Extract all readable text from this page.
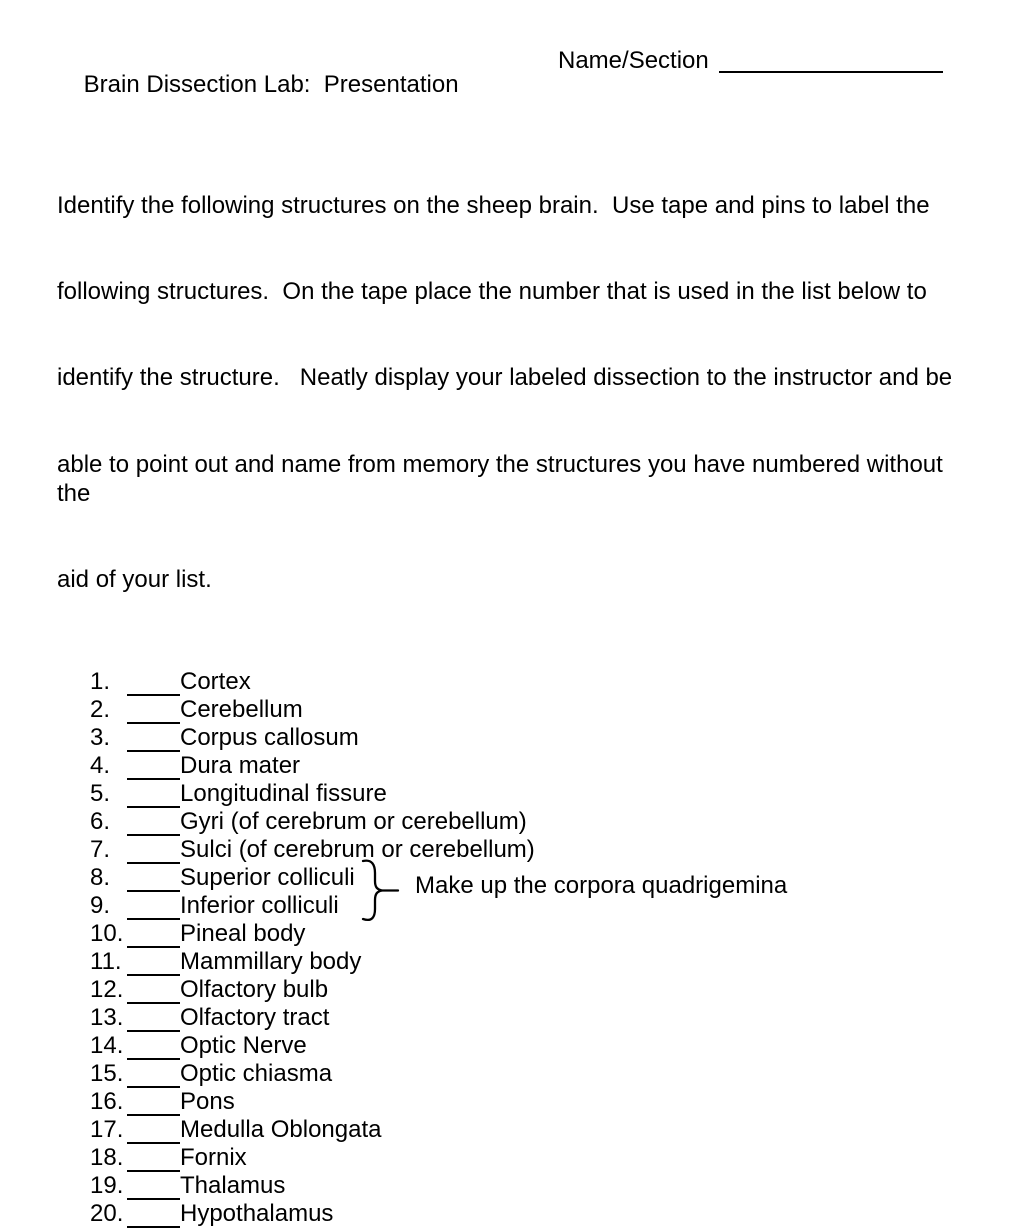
Brain Dissection Lab:  Presentation

Name/Section

Identify the following structures on the sheep brain.  Use tape and pins to label the

following structures.  On the tape place the number that is used in the list below to

identify the structure.   Neatly display your labeled dissection to the instructor and be

able to point out and name from memory the structures you have numbered without the

aid of your list.

1.	Cortex
2.	Cerebellum
3.	Corpus callosum
4.	Dura mater
5.	Longitudinal fissure
6.	Gyri (of cerebrum or cerebellum)
7.	Sulci (of cerebrum or cerebellum)
8.	Superior colliculi
9.	Inferior colliculi
10. Pineal body
11. Mammillary body
12. Olfactory bulb
13. Olfactory tract
14. Optic Nerve
15. Optic chiasma
16. Pons
17. Medulla Oblongata
18. Fornix
19. Thalamus
20. Hypothalamus
Make up the corpora quadrigemina
